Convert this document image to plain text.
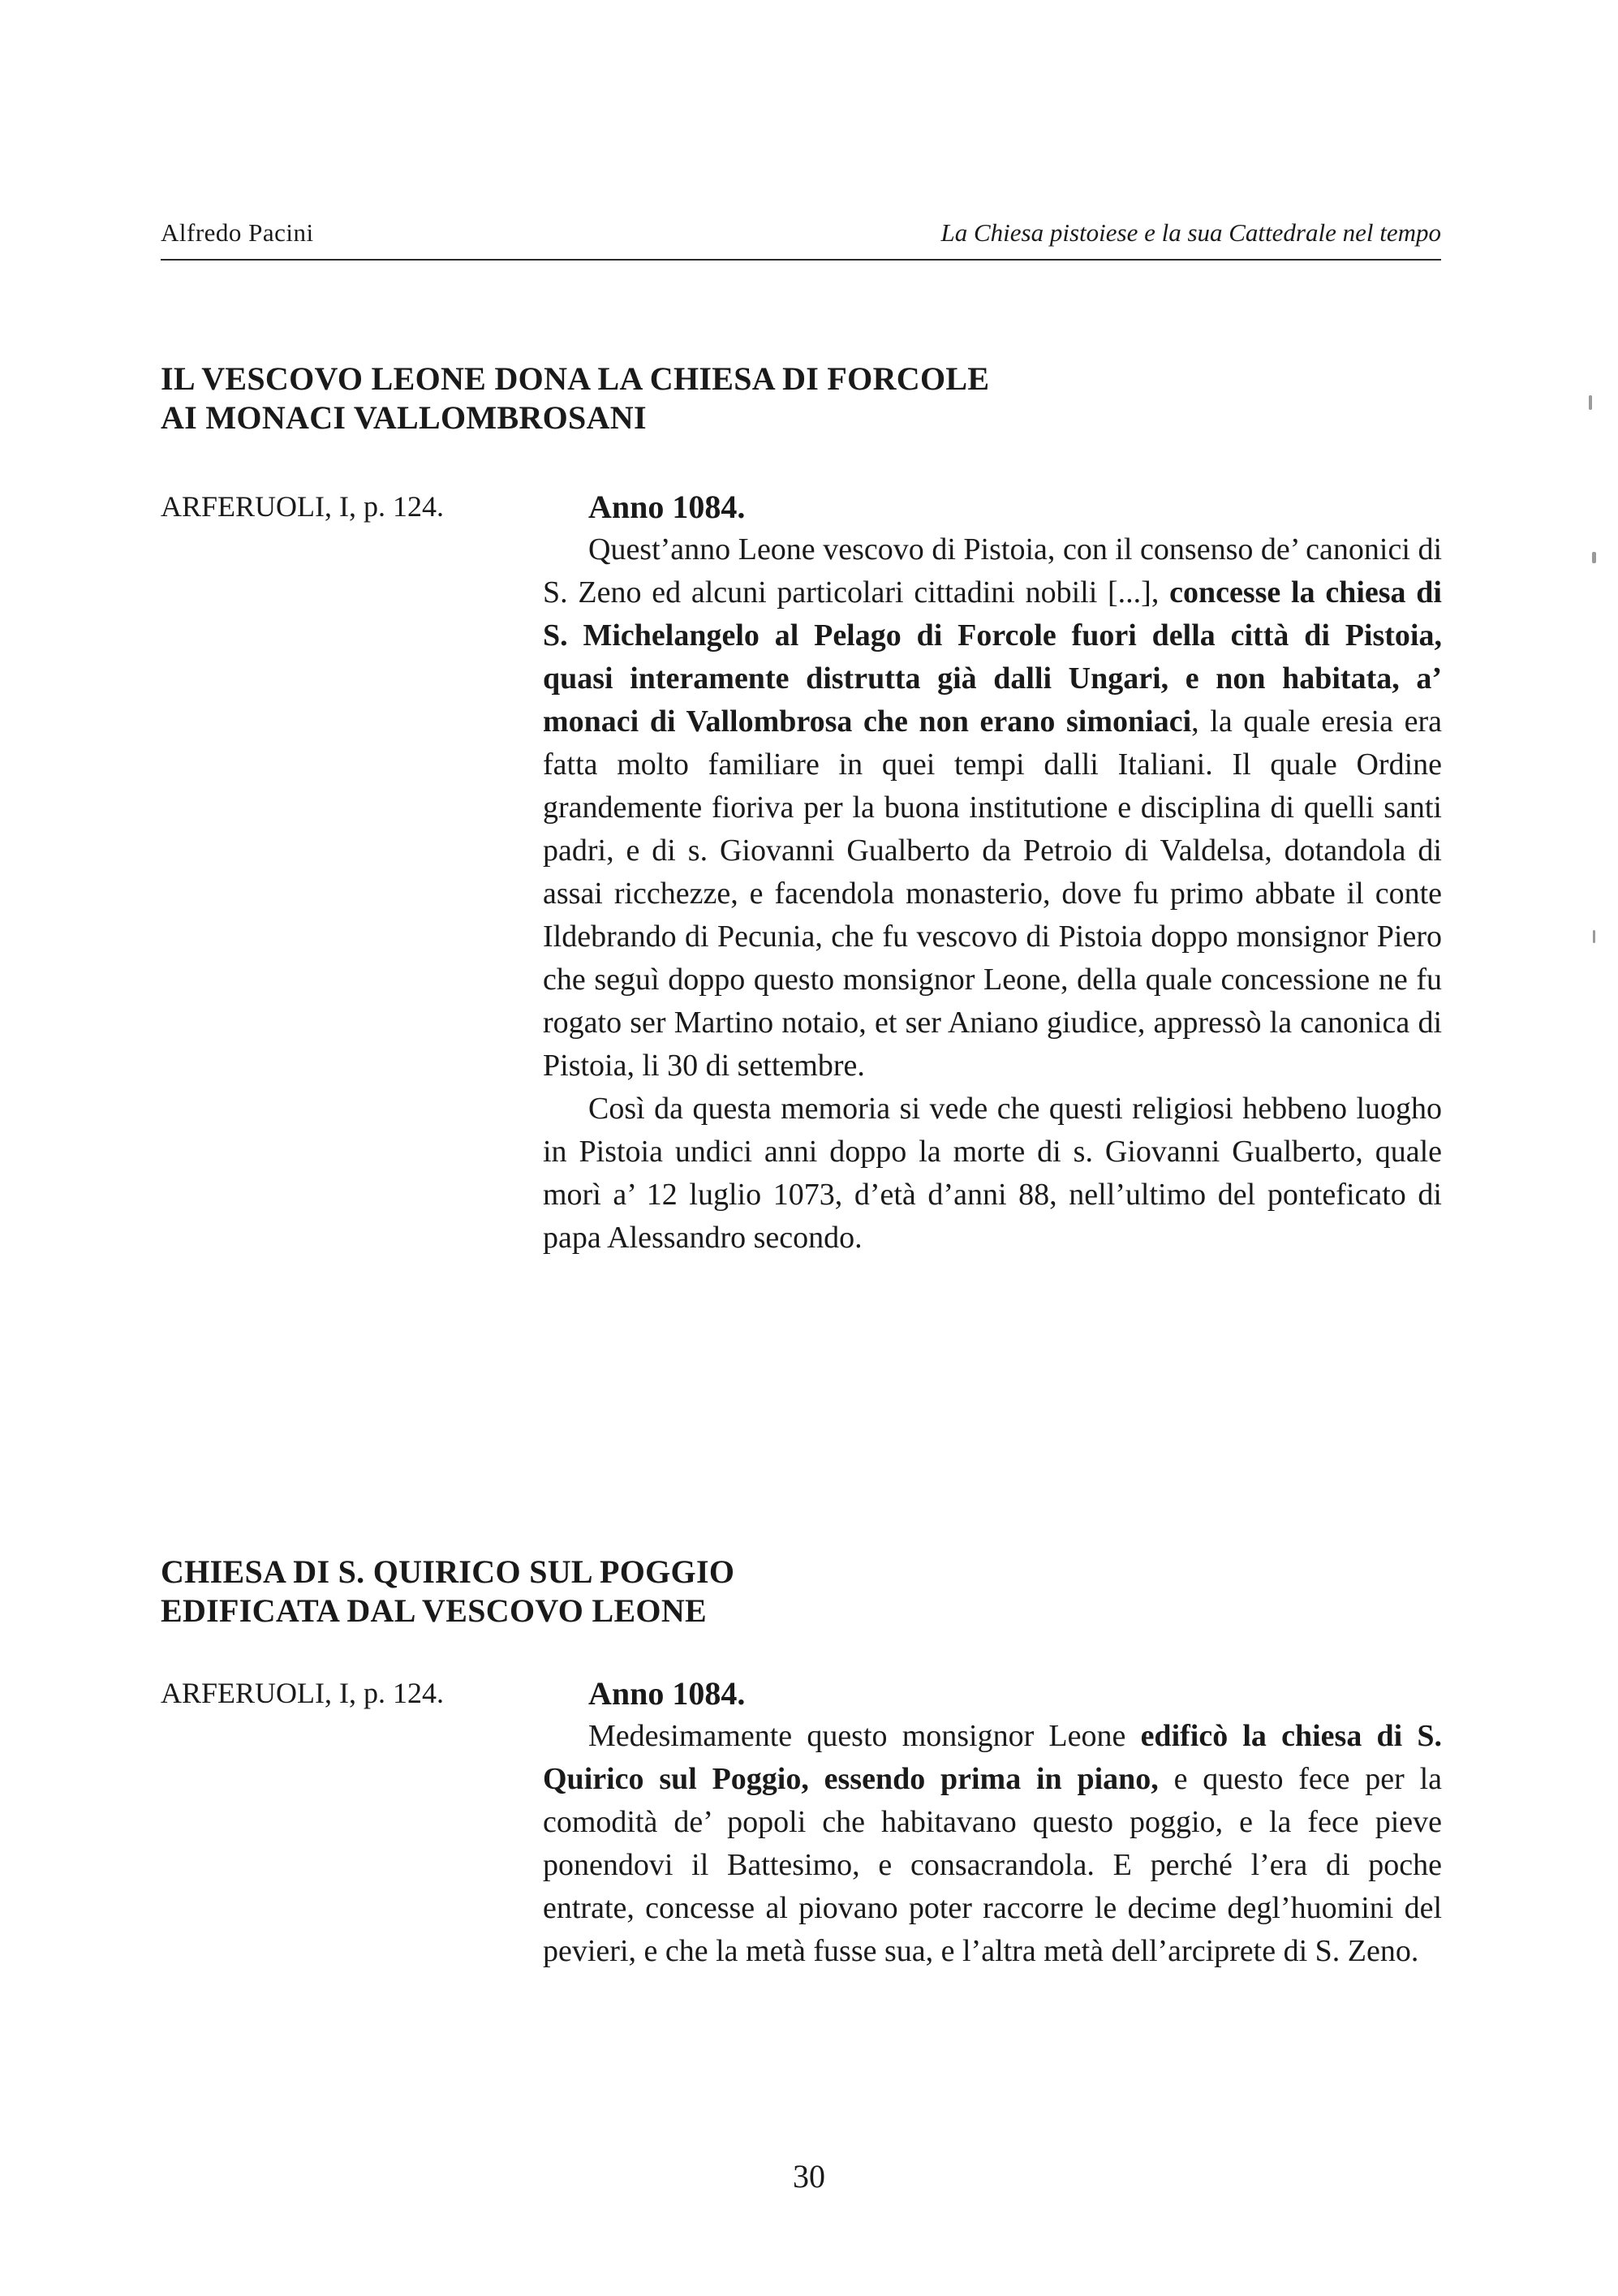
Alfredo Pacini	La Chiesa pistoiese e la sua Cattedrale nel tempo
IL VESCOVO LEONE DONA LA CHIESA DI FORCOLE
AI MONACI VALLOMBROSANI
ARFERUOLI, I, p. 124.	Anno 1084.

Quest’anno Leone vescovo di Pistoia, con il consenso de’ canonici di S. Zeno ed alcuni particolari cittadini nobili [...], concesse la chiesa di S. Michelangelo al Pelago di Forcole fuori della città di Pistoia, quasi interamente distrutta già dalli Ungari, e non habitata, a’ monaci di Vallombrosa che non erano simoniaci, la quale eresia era fatta molto familiare in quei tempi dalli Italiani. Il quale Ordine grandemente fioriva per la buona institutione e disciplina di quelli santi padri, e di s. Giovanni Gualberto da Petroio di Valdelsa, dotandola di assai ricchezze, e facendola monasterio, dove fu primo abbate il conte Ildebrando di Pecunia, che fu vescovo di Pistoia doppo monsignor Piero che seguì doppo questo monsignor Leone, della quale concessione ne fu rogato ser Martino notaio, et ser Aniano giudice, appressò la canonica di Pistoia, li 30 di settembre.

Così da questa memoria si vede che questi religiosi hebbeno luogho in Pistoia undici anni doppo la morte di s. Giovanni Gualberto, quale morì a’ 12 luglio 1073, d’età d’anni 88, nell’ultimo del ponteficato di papa Alessandro secondo.

CHIESA DI S. QUIRICO SUL POGGIO
EDIFICATA DAL VESCOVO LEONE
ARFERUOLI, I, p. 124.	Anno 1084.

Medesimamente questo monsignor Leone edificò la chiesa di S. Quirico sul Poggio, essendo prima in piano, e questo fece per la comodità de’ popoli che habitavano questo poggio, e la fece pieve ponendovi il Battesimo, e consacrandola. E perché l’era di poche entrate, concesse al piovano poter raccorre le decime degl’huomini del pevieri, e che la metà fusse sua, e l’altra metà dell’arciprete di S. Zeno.

30
